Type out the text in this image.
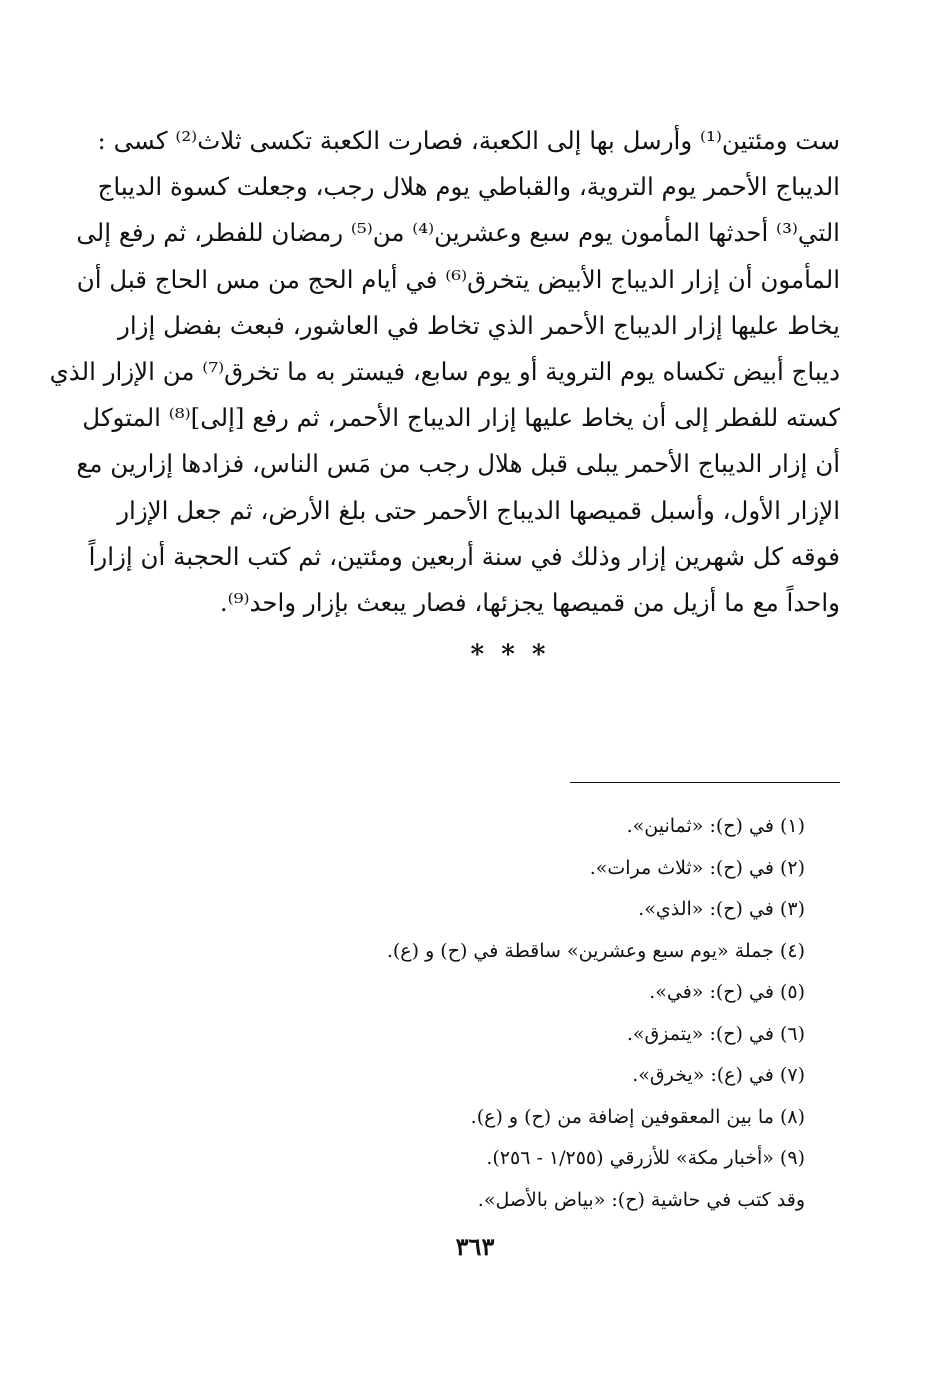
ست ومئتين⁽¹⁾ وأرسل بها إلى الكعبة، فصارت الكعبة تكسى ثلاث⁽²⁾ كسى :
الديباج الأحمر يوم التروية، والقباطي يوم هلال رجب، وجعلت كسوة الديباج
التي⁽³⁾ أحدثها المأمون يوم سبع وعشرين⁽⁴⁾ من⁽⁵⁾ رمضان للفطر، ثم رفع إلى
المأمون أن إزار الديباج الأبيض يتخرق⁽⁶⁾ في أيام الحج من مس الحاج قبل أن
يخاط عليها إزار الديباج الأحمر الذي تخاط في العاشور، فبعث بفضل إزار
ديباج أبيض تكساه يوم التروية أو يوم سابع، فيستر به ما تخرق⁽⁷⁾ من الإزار الذي
كسته للفطر إلى أن يخاط عليها إزار الديباج الأحمر، ثم رفع [إلى]⁽⁸⁾ المتوكل
أن إزار الديباج الأحمر يبلى قبل هلال رجب من مَس الناس، فزادها إزارين مع
الإزار الأول، وأسبل قميصها الديباج الأحمر حتى بلغ الأرض، ثم جعل الإزار
فوقه كل شهرين إزار وذلك في سنة أربعين ومئتين، ثم كتب الحجبة أن إزاراً
واحداً مع ما أزيل من قميصها يجزئها، فصار يبعث بإزار واحد⁽⁹⁾.
* * *
(١) في (ح): «ثمانين».
(٢) في (ح): «ثلاث مرات».
(٣) في (ح): «الذي».
(٤) جملة «يوم سبع وعشرين» ساقطة في (ح) و (ع).
(٥) في (ح): «في».
(٦) في (ح): «يتمزق».
(٧) في (ع): «يخرق».
(٨) ما بين المعقوفين إضافة من (ح) و (ع).
(٩) «أخبار مكة» للأزرقي (١/٢٥٥ - ٢٥٦).
وقد كتب في حاشية (ح): «بياض بالأصل».
٣٦٣
